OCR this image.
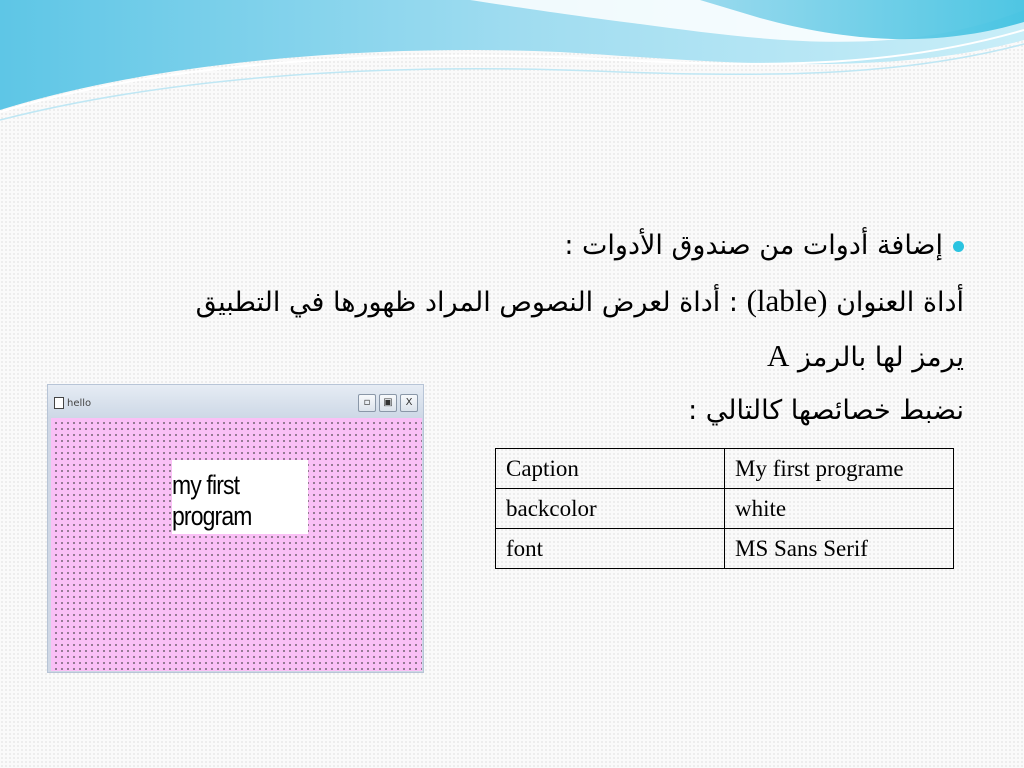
إضافة أدوات من صندوق الأدوات :
أداة العنوان (lable) : أداة لعرض النصوص المراد ظهورها في التطبيق
يرمز لها بالرمز A
نضبط خصائصها كالتالي :
hello	▫	▣	X
my first program
Caption	My first programe
backcolor	white
font	MS Sans Serif
